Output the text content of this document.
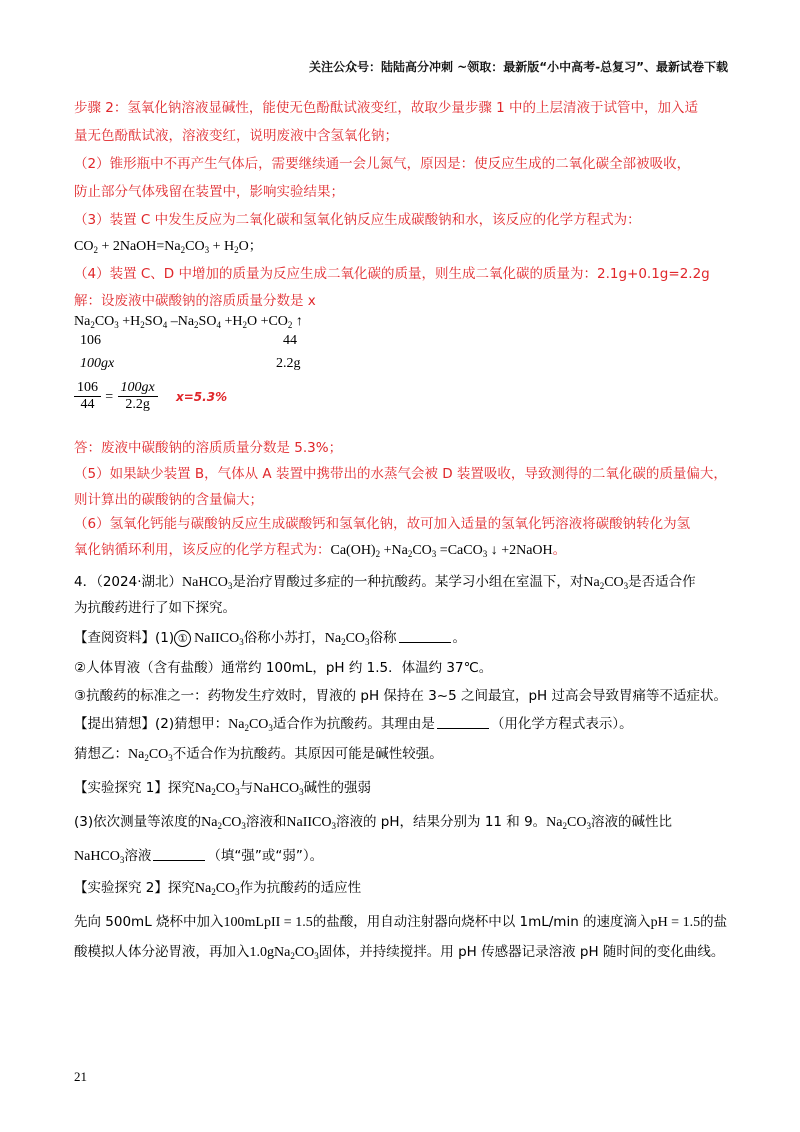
关注公众号：陆陆高分冲刺 ~领取：最新版“小中高考-总复习”、最新试卷下载
步骤 2：氢氧化钠溶液显碱性，能使无色酚酞试液变红，故取少量步骤 1 中的上层清液于试管中，加入适
量无色酚酞试液，溶液变红，说明废液中含氢氧化钠；
（2）锥形瓶中不再产生气体后，需要继续通一会儿氮气，原因是：使反应生成的二氧化碳全部被吸收，
防止部分气体残留在装置中，影响实验结果；
（3）装置 C 中发生反应为二氧化碳和氢氧化钠反应生成碳酸钠和水，该反应的化学方程式为：
$CO_2$ + $2NaOH=Na_2CO_3 + H_2O$；
（4）装置 C、D 中增加的质量为反应生成二氧化碳的质量，则生成二氧化碳的质量为：2.1g+0.1g=2.2g
解：设废液中碳酸钠的溶质质量分数是 x
$Na_2CO_3 +H_2SO_4$ $-Na_2SO_4 +H_2O +CO_2$ ↑
106	44
100gx	2.2g
$\frac{106}{44} = \frac{100gx}{2.2g} x=5.3\%$
答：废液中碳酸钠的溶质质量分数是 5.3%；
（5）如果缺少装置 B，气体从 A 装置中携带出的水蒸气会被 D 装置吸收，导致测得的二氧化碳的质量偏大，
则计算出的碳酸钠的含量偏大；
（6）氢氧化钙能与碳酸钠反应生成碳酸钙和氢氧化钠，故可加入适量的氢氧化钙溶液将碳酸钠转化为氢
氧化钠循环利用，该反应的化学方程式为：$Ca(OH)_2 +Na_2CO_3$ =CaCO$_3$ ↓ +2NaOH。
4．（2024·湖北）NaHCO$_3$是治疗胃酸过多症的一种抗酸药。某学习小组在室温下，对$Na_2CO_3$是否适合作
为抗酸药进行了如下探究。
【查阅资料】(1) ① NaIICO$_3$俗称小苏打，$Na_2CO_3$俗称	。
②人体胃液（含有盐酸）通常约 100mL，pH 约 1.5．体温约 37℃。
③抗酸药的标准之一：药物发生疗效时，胃液的 pH 保持在 3~5 之间最宜，pH 过高会导致胃痛等不适症状。
【提出猜想】(2)猜想甲：$Na_2CO_3$适合作为抗酸药。其理由是	（用化学方程式表示）。
猜想乙：$Na_2CO_3$不适合作为抗酸药。其原因可能是碱性较强。
【实验探究 1】探究$Na_2CO_3$与NaHCO$_3$碱性的强弱
(3)依次测量等浓度的$Na_2CO_3$溶液和NaIICO$_3$溶液的 pH，结果分别为 11 和 9。$Na_2CO_3$溶液的碱性比
NaHCO$_3$溶液	（填“强”或“弱”）。
【实验探究 2】探究$Na_2CO_3$作为抗酸药的适应性
先向 500mL 烧杯中加入100mLpII = 1.5的盐酸，用自动注射器向烧杯中以 1mL/min 的速度滴入pH = 1.5的盐
酸模拟人体分泌胃液，再加入$1.0gNa_2CO_3$固体，并持续搅拌。用 pH 传感器记录溶液 pH 随时间的变化曲线。
21
